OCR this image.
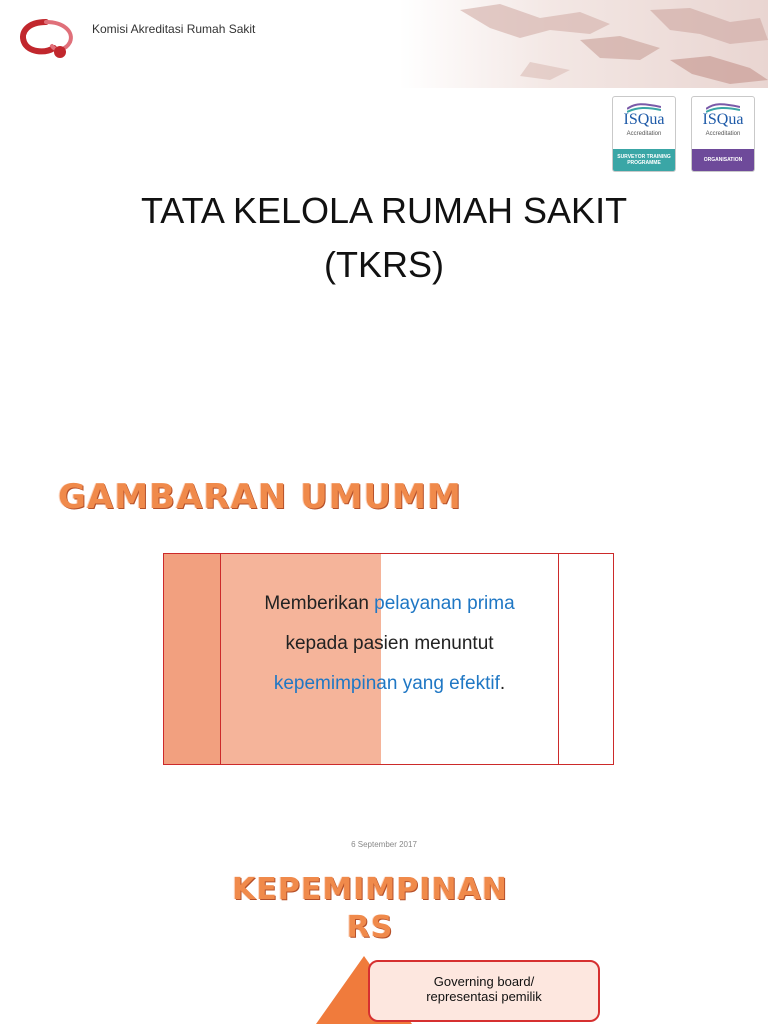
Komisi Akreditasi Rumah Sakit
ISQua
Accreditation
SURVEYOR TRAINING PROGRAMME
ISQua
Accreditation
ORGANISATION
TATA KELOLA RUMAH SAKIT
(TKRS)
GAMBARAN UMUMM
Memberikan pelayanan prima
kepada pasien menuntut
kepemimpinan yang efektif.
6 September 2017
KEPEMIMPINAN
RS
Governing board/
representasi pemilik
